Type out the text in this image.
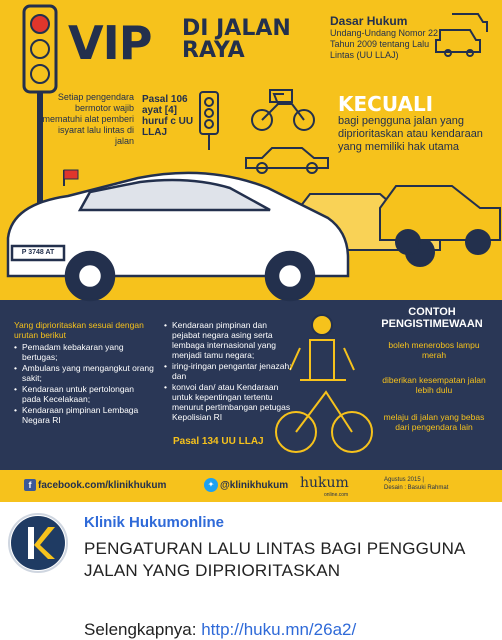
VIP DI JALAN
RAYA
Dasar Hukum
Undang-Undang Nomor 22 Tahun 2009 tentang Lalu Lintas (UU LLAJ)
Setiap pengendara bermotor wajib mematuhi alat pemberi isyarat lalu lintas di jalan
Pasal 106 ayat [4] huruf c UU LLAJ
KECUALI
bagi pengguna jalan yang diprioritaskan atau kendaraan yang memiliki hak utama
P 3748 AT
Yang diprioritaskan sesuai dengan urutan berikut
• Pemadam kebakaran yang bertugas;
• Ambulans yang mengangkut orang sakit;
• Kendaraan untuk pertolongan pada Kecelakaan;
• Kendaraan pimpinan Lembaga Negara RI
• Kendaraan pimpinan dan pejabat negara asing serta lembaga internasional yang menjadi tamu negara;
• iring-iringan pengantar jenazah; dan
• konvoi dan/ atau Kendaraan untuk kepentingan tertentu menurut pertimbangan petugas Kepolisian RI
Pasal 134 UU LLAJ
CONTOH PENGISTIMEWAAN
boleh menerobos lampu merah
diberikan kesempatan jalan lebih dulu
melaju di jalan yang bebas dari pengendara lain
f facebook.com/klinikhukum	✦ @klinikhukum hukum
online.com
Agustus 2015 |
Desain : Basuki Rahmat
Klinik Hukumonline
PENGATURAN LALU LINTAS BAGI PENGGUNA JALAN YANG DIPRIORITASKAN
Selengkapnya: http://huku.mn/26a2/
